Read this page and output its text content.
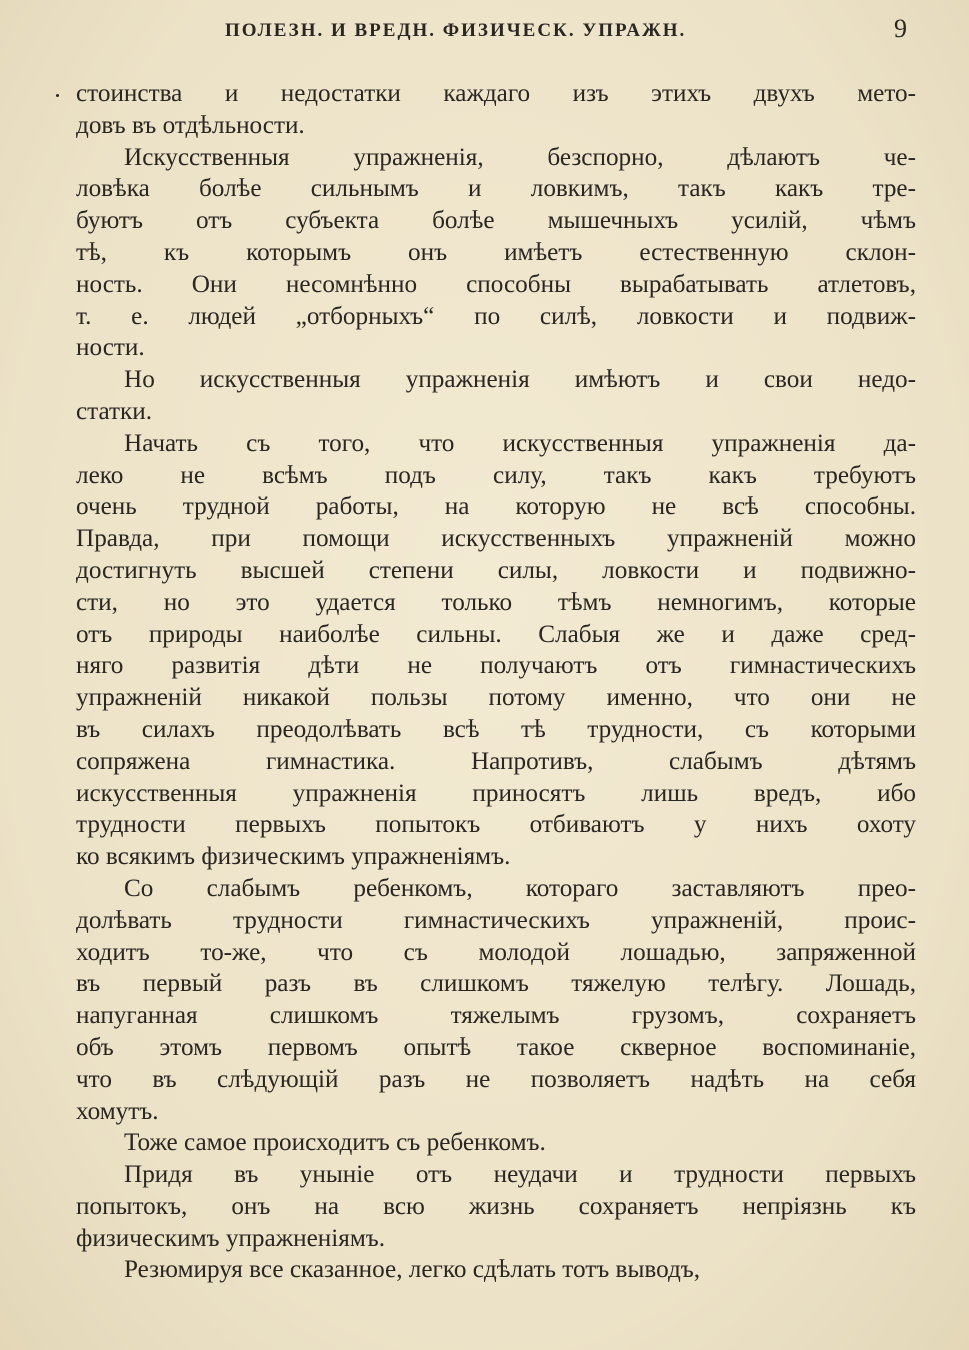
ПОЛЕЗН. И ВРЕДН. ФИЗИЧЕСК. УПРАЖН.	9
стоинства и недостатки каждаго изъ этихъ двухъ мето-
довъ въ отдѣльности.
Искусственныя упражненія, безспорно, дѣлаютъ че-
ловѣка болѣе сильнымъ и ловкимъ, такъ какъ тре-
буютъ отъ субъекта болѣе мышечныхъ усилій, чѣмъ
тѣ, къ которымъ онъ имѣетъ естественную склон-
ность. Они несомнѣнно способны вырабатывать атлетовъ,
т. е. людей „отборныхъ“ по силѣ, ловкости и подвиж-
ности.
Но искусственныя упражненія имѣютъ и свои недо-
статки.
Начать съ того, что искусственныя упражненія да-
леко не всѣмъ подъ силу, такъ какъ требуютъ
очень трудной работы, на которую не всѣ способны.
Правда, при помощи искусственныхъ упражненій можно
достигнуть высшей степени силы, ловкости и подвижно-
сти, но это удается только тѣмъ немногимъ, которые
отъ природы наиболѣе сильны. Слабыя же и даже сред-
няго развитія дѣти не получаютъ отъ гимнастическихъ
упражненій никакой пользы потому именно, что они не
въ силахъ преодолѣвать всѣ тѣ трудности, съ которыми
сопряжена гимнастика. Напротивъ, слабымъ дѣтямъ
искусственныя упражненія приносятъ лишь вредъ, ибо
трудности первыхъ попытокъ отбиваютъ у нихъ охоту
ко всякимъ физическимъ упражненіямъ.
Со слабымъ ребенкомъ, котораго заставляютъ прео-
долѣвать трудности гимнастическихъ упражненій, проис-
ходитъ то-же, что съ молодой лошадью, запряженной
въ первый разъ въ слишкомъ тяжелую телѣгу. Лошадь,
напуганная слишкомъ тяжелымъ грузомъ, сохраняетъ
объ этомъ первомъ опытѣ такое скверное воспоминаніе,
что въ слѣдующій разъ не позволяетъ надѣть на себя
хомутъ.
Тоже самое происходитъ съ ребенкомъ.
Придя въ уныніе отъ неудачи и трудности первыхъ
попытокъ, онъ на всю жизнь сохраняетъ непріязнь къ
физическимъ упражненіямъ.
Резюмируя все сказанное, легко сдѣлать тотъ выводъ,
